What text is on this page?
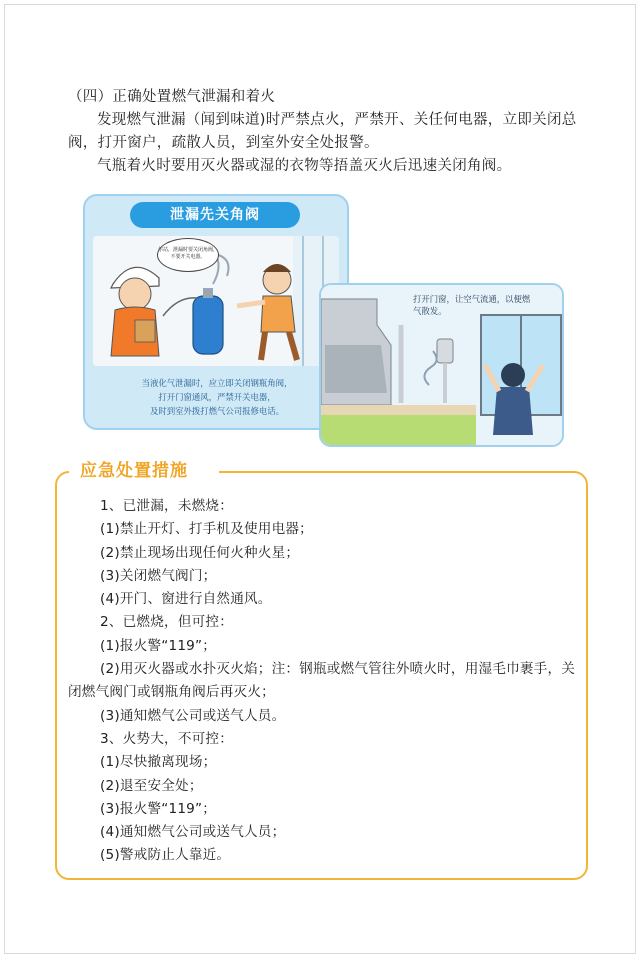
（四）正确处置燃气泄漏和着火
发现燃气泄漏（闻到味道)时严禁点火，严禁开、关任何电器，立即关闭总阀，打开窗户，疏散人员，到室外安全处报警。
气瓶着火时要用灭火器或湿的衣物等捂盖灭火后迅速关闭角阀。
泄漏先关角阀
尔站，泄漏时要关闭角阀，不要开关电器。
当液化气泄漏时，应立即关闭钢瓶角阀，
打开门窗通风，严禁开关电器，
及时到室外拨打燃气公司报修电话。
打开门窗，让空气流通，以便燃气散发。
应急处置措施
1、已泄漏，未燃烧：
(1)禁止开灯、打手机及使用电器；
(2)禁止现场出现任何火种火星；
(3)关闭燃气阀门；
(4)开门、窗进行自然通风。
2、已燃烧，但可控：
(1)报火警“119”；
(2)用灭火器或水扑灭火焰；注：钢瓶或燃气管往外喷火时，用湿毛巾裹手，关闭燃气阀门或钢瓶角阀后再灭火；
(3)通知燃气公司或送气人员。
3、火势大，不可控：
(1)尽快撤离现场；
(2)退至安全处；
(3)报火警“119”；
(4)通知燃气公司或送气人员；
(5)警戒防止人靠近。
